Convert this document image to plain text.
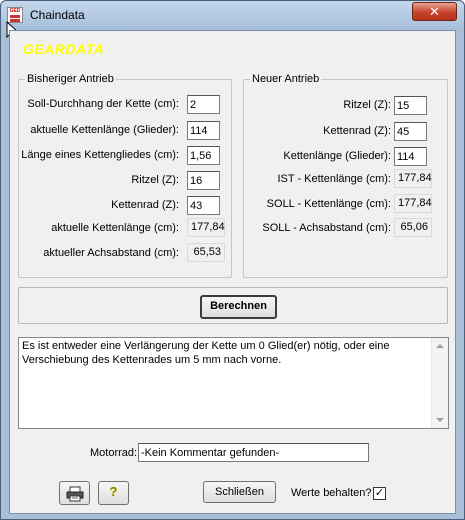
GED Chaindata	✕
GEARDATA
Bisheriger Antrieb
Soll-Durchhang der Kette (cm):
2
aktuelle Kettenlänge (Glieder):
114
Länge eines Kettengliedes (cm):
1,56
Ritzel (Z):
16
Kettenrad (Z):
43
aktuelle Kettenlänge (cm):	177,84
aktueller Achsabstand (cm):	65,53
Neuer Antrieb
Ritzel (Z):
15
Kettenrad (Z):
45
Kettenlänge (Glieder):
114
IST - Kettenlänge (cm): 177,84
SOLL - Kettenlänge (cm): 177,84
SOLL - Achsabstand (cm): 65,06
Berechnen
Es ist entweder eine Verlängerung der Kette um 0 Glied(er) nötig, oder eine Verschiebung des Kettenrades um 5 mm nach vorne.
Motorrad:
-Kein Kommentar gefunden-
?	Schließen	Werte behalten? ✓
